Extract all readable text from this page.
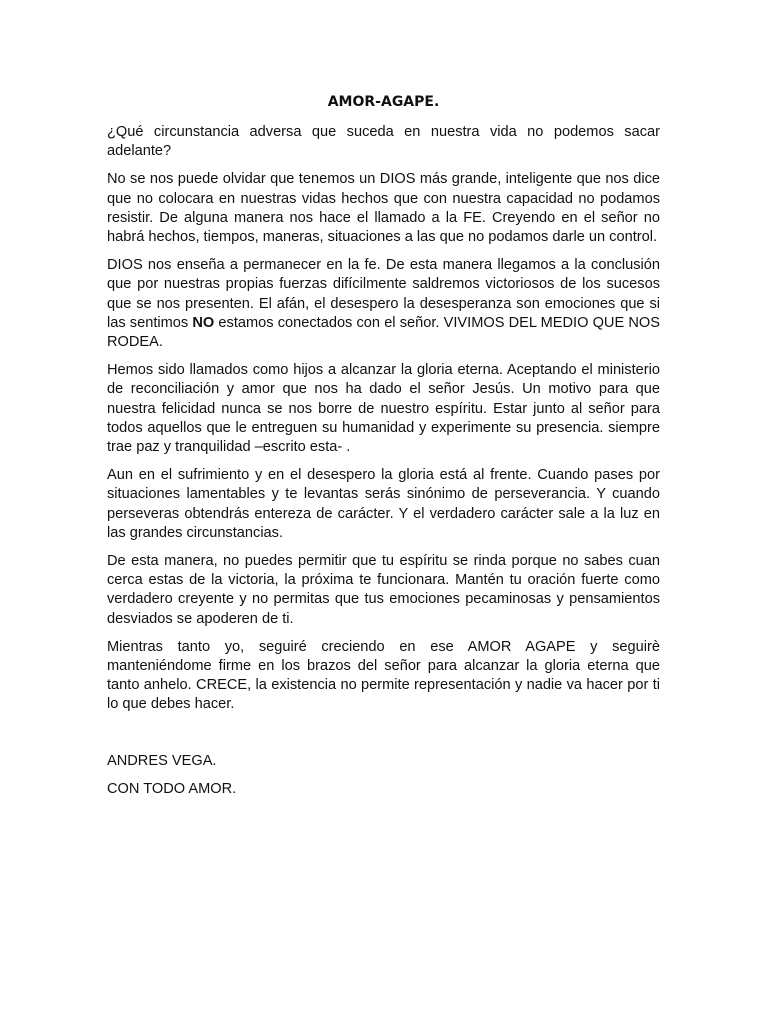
AMOR-AGAPE.

¿Qué circunstancia adversa que suceda en nuestra vida no podemos sacar adelante?

No se nos puede olvidar que tenemos un DIOS más grande, inteligente que nos dice que no colocara en nuestras vidas hechos que con nuestra capacidad no podamos resistir. De alguna manera nos hace el llamado a la FE. Creyendo en el señor no habrá hechos, tiempos, maneras, situaciones a las que no podamos darle un control.

DIOS nos enseña a permanecer en la fe. De esta manera llegamos a la conclusión que por nuestras propias fuerzas difícilmente saldremos victoriosos de los sucesos que se nos presenten. El afán, el desespero la desesperanza son emociones que si las sentimos NO estamos conectados con el señor. VIVIMOS DEL MEDIO QUE NOS RODEA.

Hemos sido llamados como hijos a alcanzar la gloria eterna. Aceptando el ministerio de reconciliación y amor que nos ha dado el señor Jesús. Un motivo para que nuestra felicidad nunca se nos borre de nuestro espíritu. Estar junto al señor para todos aquellos que le entreguen su humanidad y experimente su presencia. siempre trae paz y tranquilidad –escrito esta- .

Aun en el sufrimiento y en el desespero la gloria está al frente. Cuando pases por situaciones lamentables y te levantas serás sinónimo de perseverancia. Y cuando perseveras obtendrás entereza de carácter. Y el verdadero carácter sale a la luz en las grandes circunstancias.

De esta manera, no puedes permitir que tu espíritu se rinda porque no sabes cuan cerca estas de la victoria, la próxima te funcionara. Mantén tu oración fuerte como verdadero creyente y no permitas que tus emociones pecaminosas y pensamientos desviados se apoderen de ti.

Mientras tanto yo, seguiré creciendo en ese AMOR AGAPE y seguirè manteniéndome firme en los brazos del señor para alcanzar la gloria eterna que tanto anhelo. CRECE, la existencia no permite representación y nadie va hacer por ti lo que debes hacer.

ANDRES VEGA.

CON TODO AMOR.
